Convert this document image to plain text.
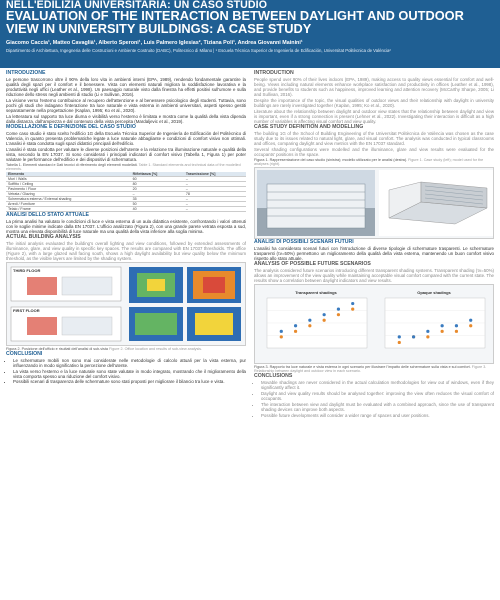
NELL'EDILIZIA UNIVERSITARIA: UN CASO STUDIO
EVALUATION OF THE INTERACTION BETWEEN DAYLIGHT AND OUTDOOR VIEW IN UNIVERSITY BUILDINGS: A CASE STUDY
Giacomo Caccia¹, Matteo Cavaglià¹, Alberto Speroni¹, Luis Palmero Iglesias², Tiziana Poli¹, Andrea Giovanni Mainini¹
Dipartimento di Architettura, Ingegneria delle Costruzioni e Ambiente Costruito (DABC), Politecnico di Milano | ¹ Escuela Técnica Superior de Ingeniería de Edificación, Universitat Politècnica de València²
INTRODUZIONE

Le persone trascorrono oltre il 90% della loro vita in ambienti interni (EPA, 1989), rendendo fondamentale garantire la qualità degli spazi per il comfort e il benessere. Vista con elementi naturali migliora la soddisfazione lavorativa e la produttività negli uffici (Leather et al., 1998). Un paesaggio naturale visto dalla finestra ha effetti positivi sull'umore e sulla riduzione dello stress negli ambienti di studio (Li e Sullivan, 2016).

La visione verso l'esterno contribuisce al recupero dell'attenzione e al benessere psicologico degli studenti. Tuttavia, sono pochi gli studi che indagano l'interazione tra luce naturale e vista esterna in ambienti universitari, aspetti spesso gestiti separatamente nella progettazione (Kaplan, 1995; Ko et al., 2020).

La letteratura sul rapporto tra luce diurna e visibilità verso l'esterno è limitata e mostra come la qualità della vista dipenda dalla distanza, dall'ampiezza e dal contenuto della vista percepita (Mardaljevic et al., 2019).

MODELLAZIONE E DEFINIZIONE DEL CASO STUDIO

Come caso studio è stato scelto l'edificio 1G della Escuela Técnica Superior de Ingeniería de Edificación del Politècnico di Valencia, in quanto presenta problematiche legate a luce naturale abbagliante e condizioni di comfort visivo non ottimali. L'analisi è stata condotta sugli spazi didattici principali dell'edificio.

L'analisi è stata condotta per valutare le diverse posizioni dell'utente e la relazione tra illuminazione naturale e qualità della vista, secondo la EN 17037. Si sono considerati i principali indicatori di comfort visivo (Tabella 1, Figura 1) per poter valutare le performance dell'edificio e dei dispositivi di schermatura.

Tabella 1. Elementi standard e Dati tecnici di riferimento degli elementi modellati. Table 1. Standard elements and technical data of the modelled elements.
Elemento	Riflettanza [%]	Trasmissione [%]
Muri / Walls	60	–
Soffitto / Ceiling	80	–
Pavimento / Floor	20	–
Vetrata / Glazing	–	78
Schermatura esterna / External shading	35	–
Arredi / Furniture	50	–
Telaio / Frame	40	–
ANALISI DELLO STATO ATTUALE

La prima analisi ha valutato le condizioni di luce e vista esterna di un aula didattica esistente, confrontando i valori ottenuti con le soglie minime indicate dalla EN 17037. L'ufficio analizzato (Figura 2), con una grande parete vetrata esposta a sud, mostra una elevata disponibilità di luce naturale ma una qualità della vista inferiore alla soglia minima.

ACTUAL BUILDING ANALYSIS

The initial analysis evaluated the building's overall lighting and view conditions, followed by extended assessments of illuminance, glare, and view quality in specific key spaces. The results are compared with EN 17037 thresholds. The office (Figure 2), with a large glazed wall facing south, shows a high daylight availability but view quality below the minimum threshold, as the visible layers are limited by the shading system.

THIRD FLOOR
FIRST FLOOR
Figura 2. Posizione dell'ufficio e risultati dell'analisi di sub-vista Figure 2. Office location and results of sub-view analysis.
CONCLUSIONI
• Le schermature mobili non sono mai considerate nelle metodologie di calcolo attuali per la vista esterna, pur influenzando in modo significativo la percezione dell'utente.
• La vista verso l'esterno e la luce naturale sono state valutate in modo integrato, mostrando che il miglioramento della vista comporta spesso una riduzione del comfort visivo.
• Possibili scenari di trasparenza delle schermature sono stati proposti per migliorare il bilancio tra luce e vista.
INTRODUCTION

People spend over 90% of their lives indoors (EPA, 1989), making access to quality views essential for comfort and well-being. Views including natural elements enhance workplace satisfaction and productivity in offices (Leather et al., 1998), and provide benefits to students such as happiness, improved learning and attention recovery (McCarthy Sharpe, 2005; Li and Sullivan, 2016).

Despite the importance of the topic, the visual qualities of outdoor views and their relationship with daylight in university buildings are rarely investigated together (Kaplan, 1995; Ko et al., 2020).

Literature about the relationship between daylight and outdoor view states that the relationship between daylight and view is important, even if a strong connection is present (Lehner et al., 2022). Investigating their interaction is difficult as a high number of variables is affecting visual comfort and view quality.

CASE STUDY DEFINITION AND MODELLING

The building 1G of the School of Building Engineering of the Universitat Politècnica de València was chosen as the case study due to its issues related to natural light, glare, and visual comfort. The analysis was conducted in typical classrooms and offices, comparing daylight and view metrics with the EN 17037 standard.

Several shading configurations were modelled and the illuminance, glare and view results were evaluated for the occupants' positions in the space.

Figura 1. Rappresentazione del caso studio (sinistra); modello utilizzato per le analisi (destra). Figure 1. Case study (left); model used for the analyses (right).
ANALISI DI POSSIBILI SCENARI FUTURI

L'analisi ha considerato scenari futuri con l'introduzione di diverse tipologie di schermature trasparenti. Le schermature trasparenti (τv=50%) permettono un miglioramento della qualità della vista esterna, mantenendo un buon comfort visivo rispetto allo stato attuale.

ANALYSIS OF POSSIBLE FUTURE SCENARIOS

The analysis considered future scenarios introducing different transparent shading systems. Transparent shading (τv=50%) allows an improvement of the view quality while maintaining acceptable visual comfort compared with the current state. The results show a correlation between daylight indicators and view results.

Transparent shadings	Opaque shadings
Figura 3. Rapporto tra luce naturale e vista esterna in ogni scenario per illustrare l'impatto delle schermature sulla vista e sul comfort. Figure 3. Relationship between daylight and outdoor view in each scenario.
CONCLUSIONS
• Movable shadings are never considered in the actual calculation methodologies for view out of windows, even if they significantly affect it.
• Daylight and view quality results should be analysed together: improving the view often reduces the visual comfort of occupants.
• The interaction between view and daylight must be evaluated with a combined approach, since the use of transparent shading devices can improve both aspects.
• Possible future developments will consider a wider range of spaces and user positions.
